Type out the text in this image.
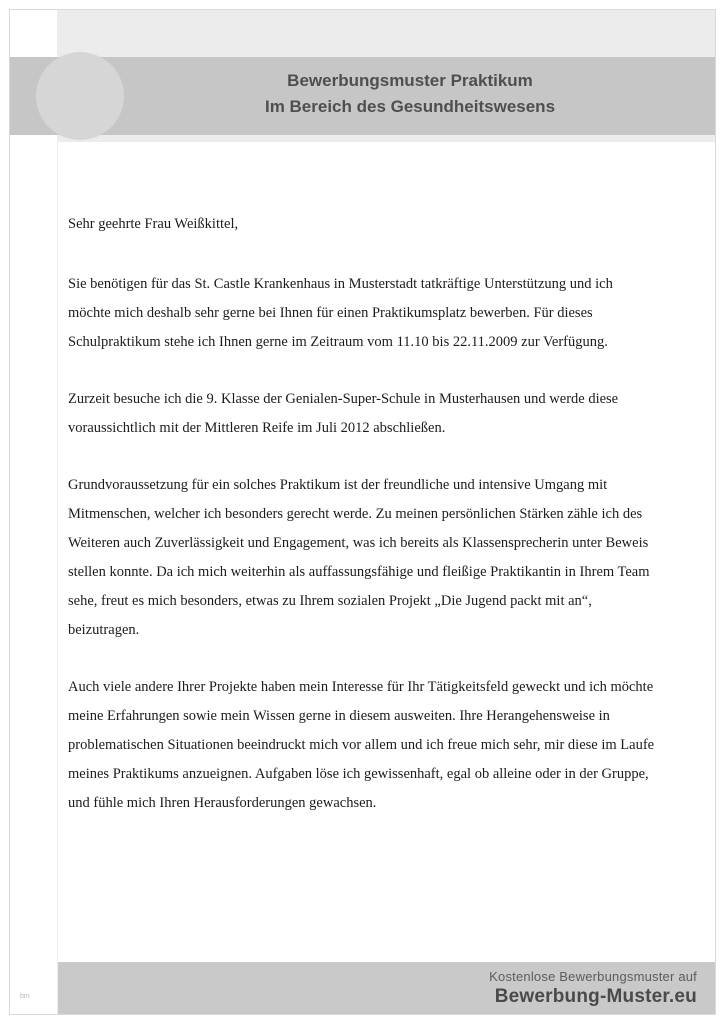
Bewerbungsmuster Praktikum
Im Bereich des Gesundheitswesens

Sehr geehrte Frau Weißkittel,

Sie benötigen für das St. Castle Krankenhaus in Musterstadt tatkräftige Unterstützung und ich möchte mich deshalb sehr gerne bei Ihnen für einen Praktikumsplatz bewerben. Für dieses Schulpraktikum stehe ich Ihnen gerne im Zeitraum vom 11.10 bis 22.11.2009 zur Verfügung.

Zurzeit besuche ich die 9. Klasse der Genialen-Super-Schule in Musterhausen und werde diese voraussichtlich mit der Mittleren Reife im Juli 2012 abschließen.

Grundvoraussetzung für ein solches Praktikum ist der freundliche und intensive Umgang mit Mitmenschen, welcher ich besonders gerecht werde. Zu meinen persönlichen Stärken zähle ich des Weiteren auch Zuverlässigkeit und Engagement, was ich bereits als Klassensprecherin unter Beweis stellen konnte. Da ich mich weiterhin als auffassungsfähige und fleißige Praktikantin in Ihrem Team sehe, freut es mich besonders, etwas zu Ihrem sozialen Projekt „Die Jugend packt mit an“, beizutragen.

Auch viele andere Ihrer Projekte haben mein Interesse für Ihr Tätigkeitsfeld geweckt und ich möchte meine Erfahrungen sowie mein Wissen gerne in diesem ausweiten. Ihre Herangehensweise in problematischen Situationen beeindruckt mich vor allem und ich freue mich sehr, mir diese im Laufe meines Praktikums anzueignen. Aufgaben löse ich gewissenhaft, egal ob alleine oder in der Gruppe, und fühle mich Ihren Herausforderungen gewachsen.

Kostenlose Bewerbungsmuster auf
Bewerbung-Muster.eu
bm
